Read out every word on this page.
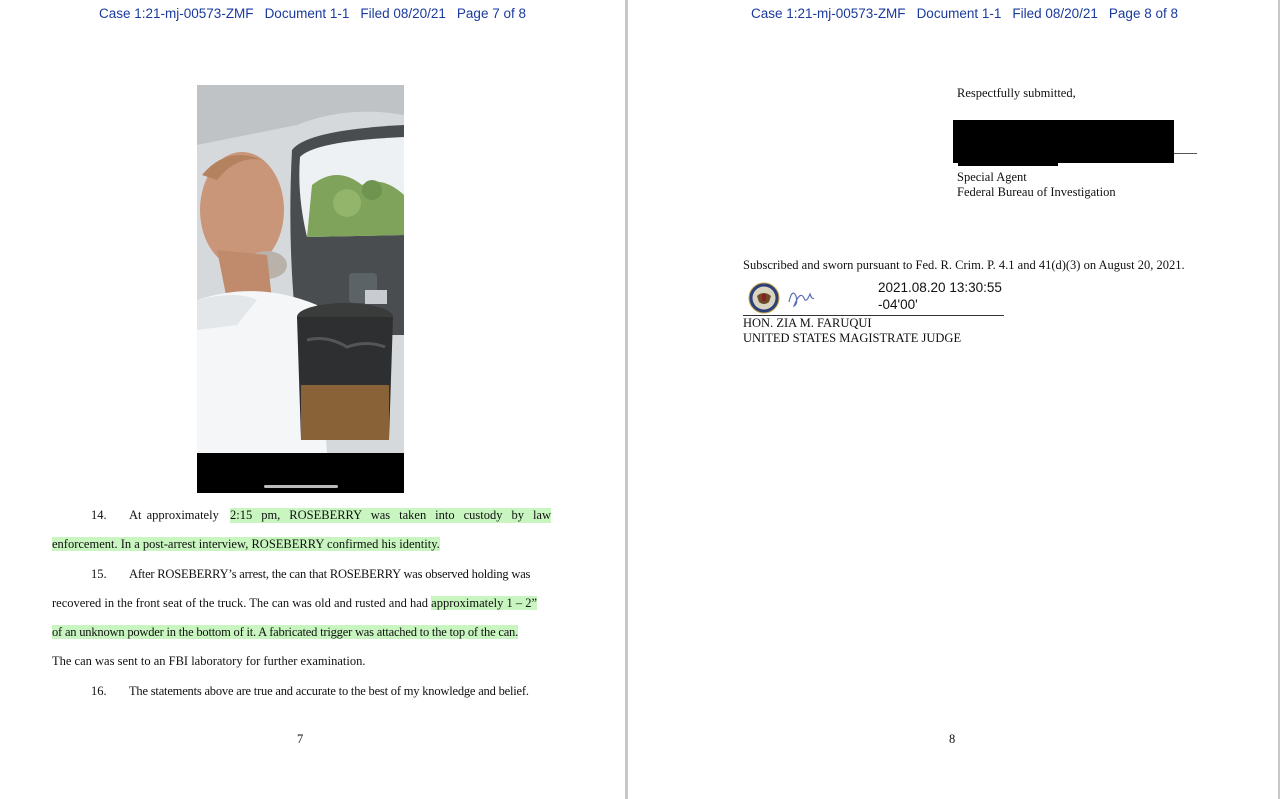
Case 1:21-mj-00573-ZMF Document 1-1 Filed 08/20/21 Page 7 of 8
14. At approximately 2:15 pm, ROSEBERRY was taken into custody by law
enforcement. In a post-arrest interview, ROSEBERRY confirmed his identity.
15. After ROSEBERRY’s arrest, the can that ROSEBERRY was observed holding was
recovered in the front seat of the truck. The can was old and rusted and had approximately 1 – 2”
of an unknown powder in the bottom of it. A fabricated trigger was attached to the top of the can.
The can was sent to an FBI laboratory for further examination.
16. The statements above are true and accurate to the best of my knowledge and belief.
7
Case 1:21-mj-00573-ZMF Document 1-1 Filed 08/20/21 Page 8 of 8
Respectfully submitted,
Special Agent
Federal Bureau of Investigation
Subscribed and sworn pursuant to Fed. R. Crim. P. 4.1 and 41(d)(3) on August 20, 2021.
2021.08.20 13:30:55
-04'00'
HON. ZIA M. FARUQUI
UNITED STATES MAGISTRATE JUDGE
8
